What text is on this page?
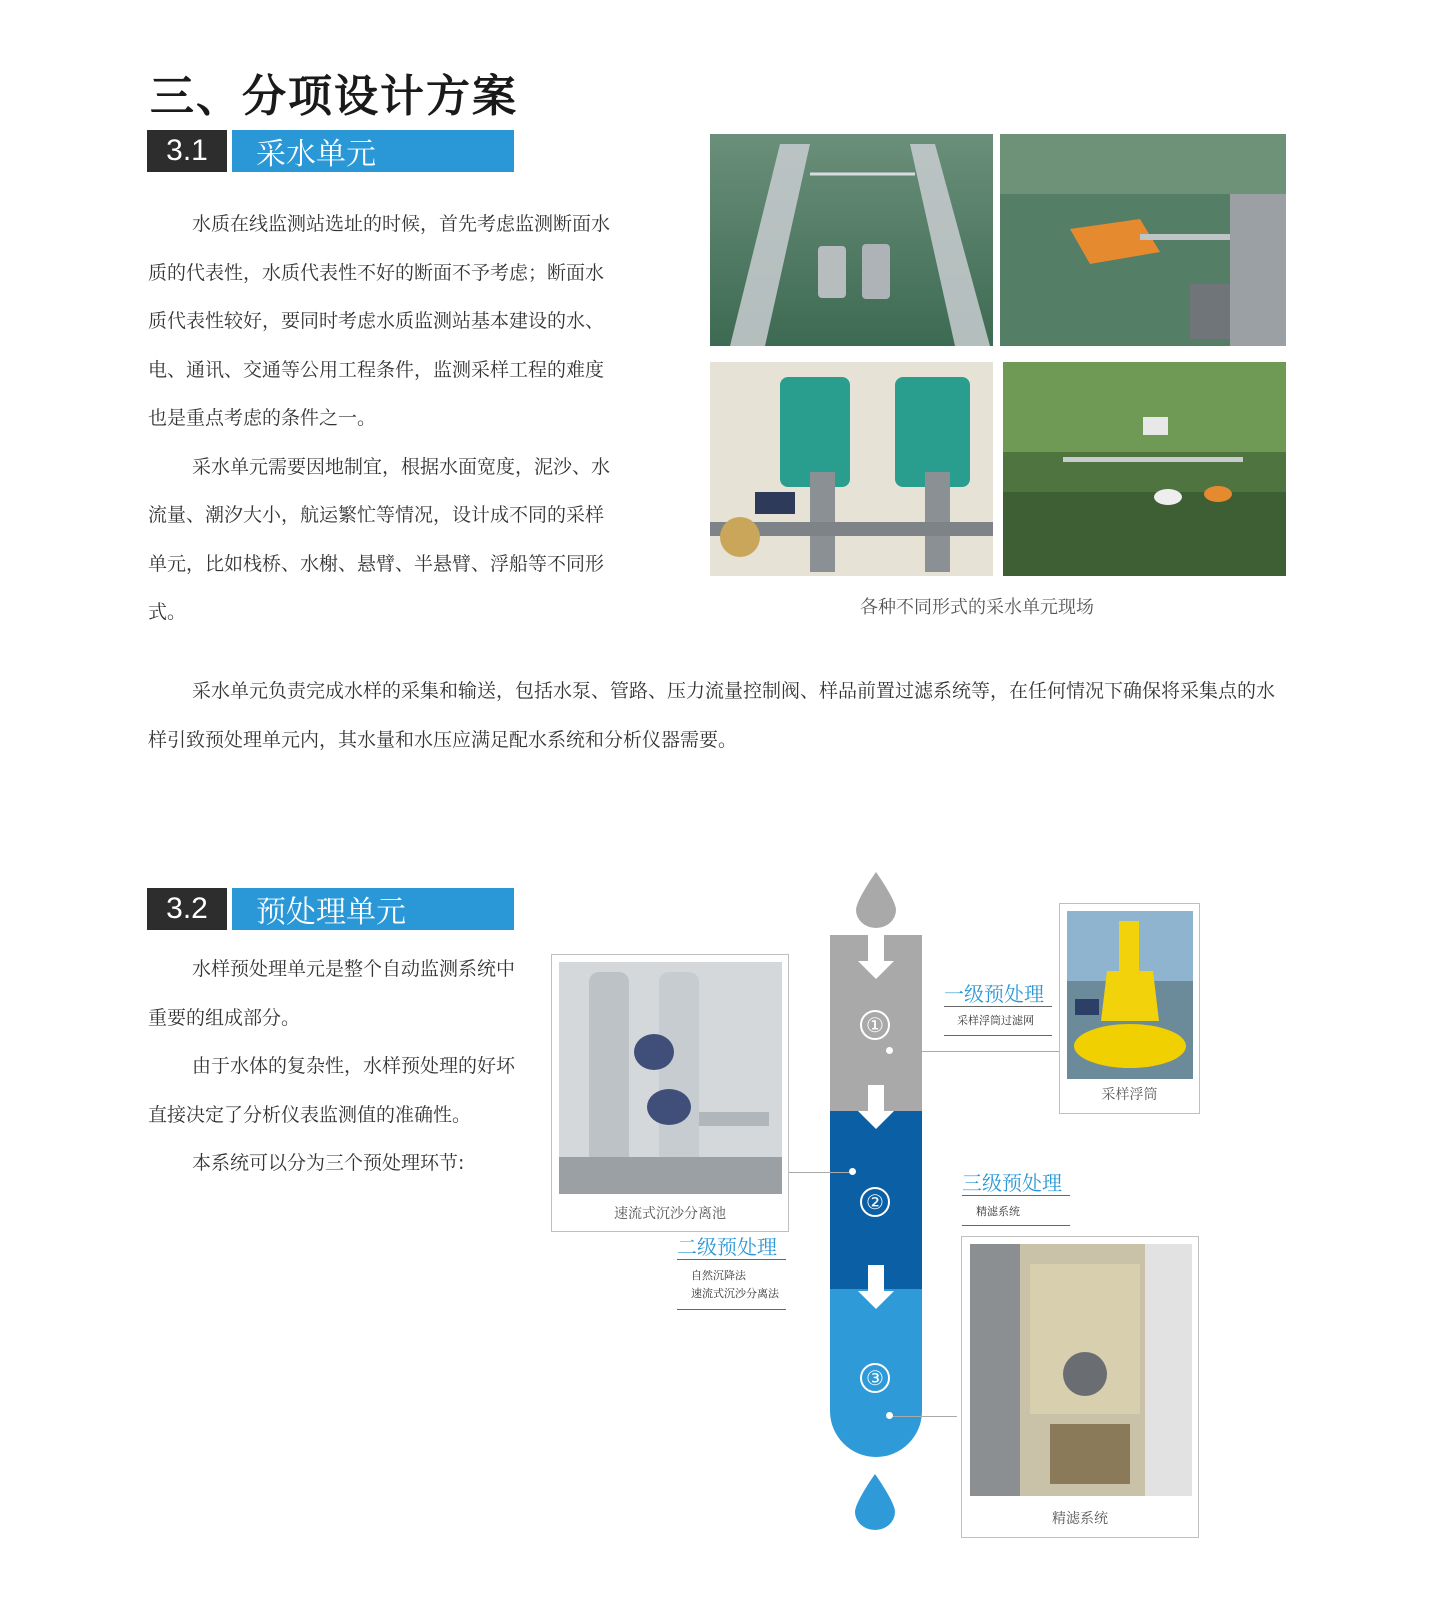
三、分项设计方案
3.1	采水单元

水质在线监测站选址的时候，首先考虑监测断面水质的代表性，水质代表性不好的断面不予考虑；断面水质代表性较好，要同时考虑水质监测站基本建设的水、电、通讯、交通等公用工程条件，监测采样工程的难度也是重点考虑的条件之一。

采水单元需要因地制宜，根据水面宽度，泥沙、水流量、潮汐大小，航运繁忙等情况，设计成不同的采样单元，比如栈桥、水榭、悬臂、半悬臂、浮船等不同形式。	各种不同形式的采水单元现场

采水单元负责完成水样的采集和输送，包括水泵、管路、压力流量控制阀、样品前置过滤系统等，在任何情况下确保将采集点的水样引致预处理单元内，其水量和水压应满足配水系统和分析仪器需要。

3.2	预处理单元

水样预处理单元是整个自动监测系统中重要的组成部分。

由于水体的复杂性，水样预处理的好坏直接决定了分析仪表监测值的准确性。

本系统可以分为三个预处理环节:

①
②
③
一级预处理
采样浮筒过滤网
采样浮筒
速流式沉沙分离池
二级预处理
自然沉降法
速流式沉沙分离法
三级预处理
精滤系统
精滤系统
